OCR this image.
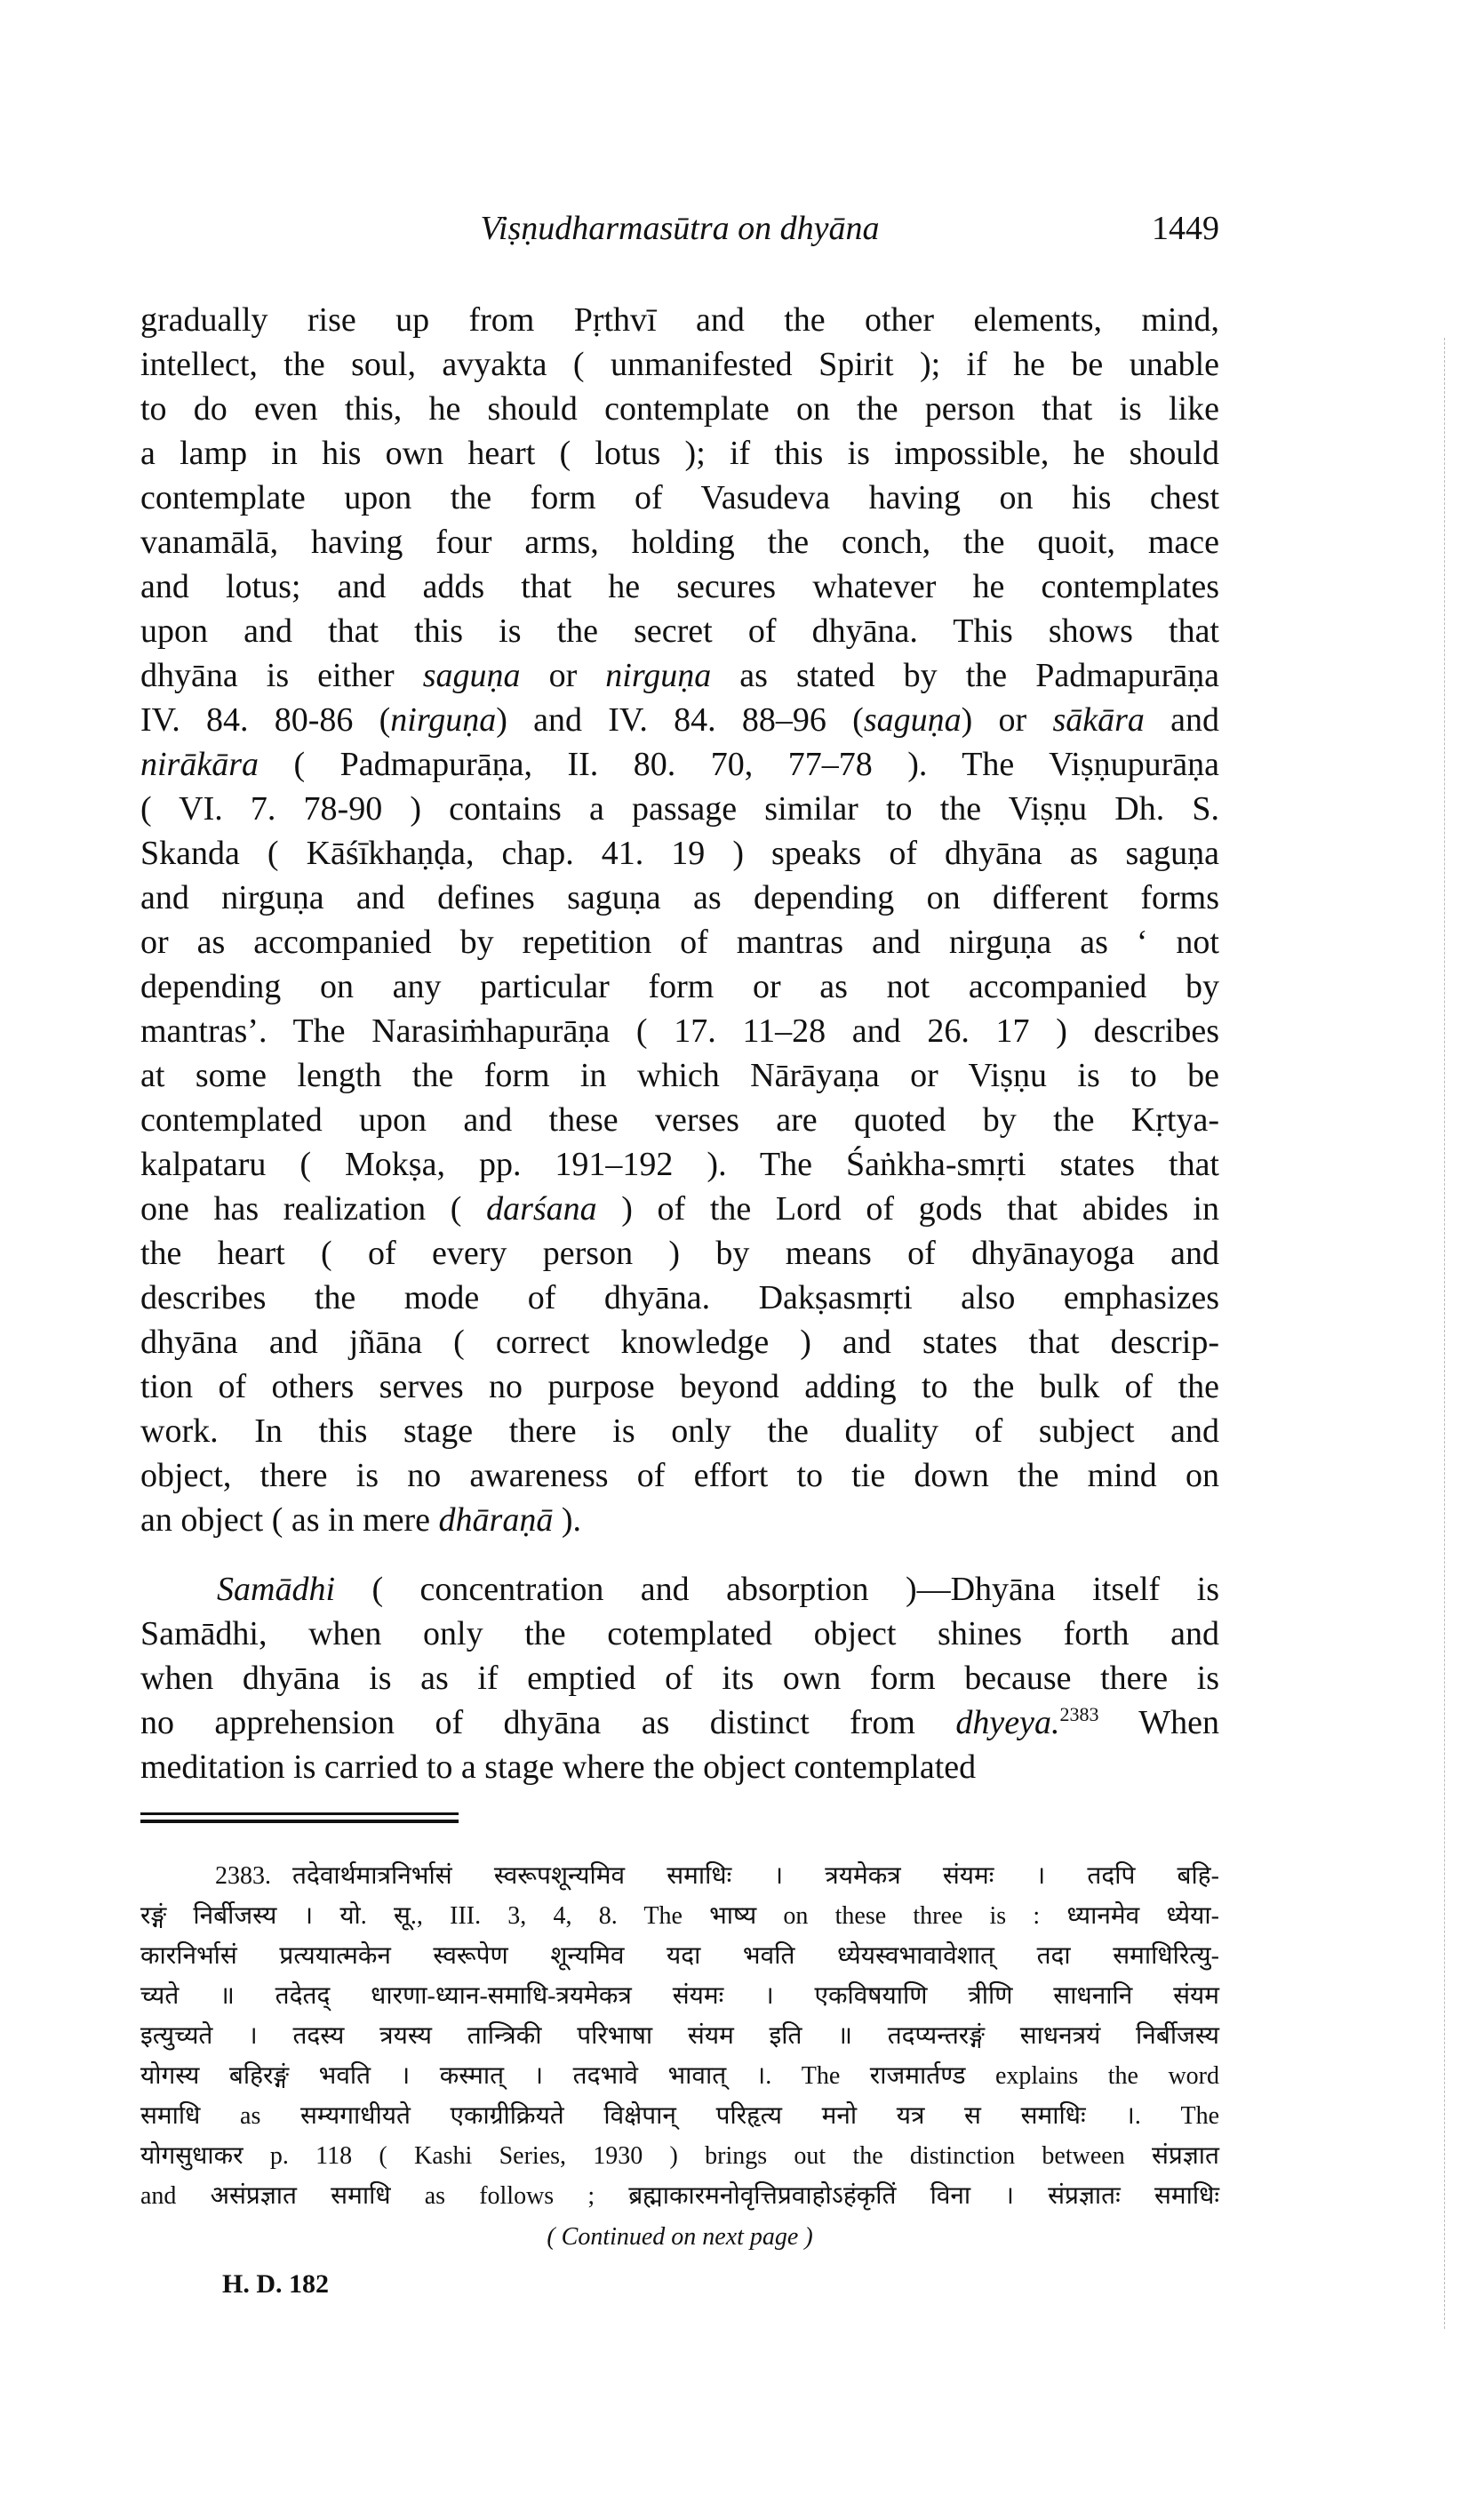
Viṣṇudharmasūtra on dhyāna	1449
gradually rise up from Pṛthvī and the other elements, mind,
intellect, the soul, avyakta ( unmanifested Spirit ); if he be unable
to do even this, he should contemplate on the person that is like
a lamp in his own heart ( lotus ); if this is impossible, he should
contemplate upon the form of Vasudeva having on his chest
vanamālā, having four arms, holding the conch, the quoit, mace
and lotus; and adds that he secures whatever he contemplates
upon and that this is the secret of dhyāna. This shows that
dhyāna is either saguṇa or nirguṇa as stated by the Padmapurāṇa
IV. 84. 80-86 (nirguṇa) and IV. 84. 88–96 (saguṇa) or sākāra and
nirākāra ( Padmapurāṇa, II. 80. 70, 77–78 ). The Viṣṇupurāṇa
( VI. 7. 78-90 ) contains a passage similar to the Viṣṇu Dh. S.
Skanda ( Kāśīkhaṇḍa, chap. 41. 19 ) speaks of dhyāna as saguṇa
and nirguṇa and defines saguṇa as depending on different forms
or as accompanied by repetition of mantras and nirguṇa as ‘ not
depending on any particular form or as not accompanied by
mantras’. The Narasiṁhapurāṇa ( 17. 11–28 and 26. 17 ) describes
at some length the form in which Nārāyaṇa or Viṣṇu is to be
contemplated upon and these verses are quoted by the Kṛtya-
kalpataru ( Mokṣa, pp. 191–192 ). The Śaṅkha-smṛti states that
one has realization ( darśana ) of the Lord of gods that abides in
the heart ( of every person ) by means of dhyānayoga and
describes the mode of dhyāna. Dakṣasmṛti also emphasizes
dhyāna and jñāna ( correct knowledge ) and states that descrip-
tion of others serves no purpose beyond adding to the bulk of the
work. In this stage there is only the duality of subject and
object, there is no awareness of effort to tie down the mind on
an object ( as in mere dhāraṇā ).
Samādhi ( concentration and absorption )—Dhyāna itself is
Samādhi, when only the cotemplated object shines forth and
when dhyāna is as if emptied of its own form because there is
no apprehension of dhyāna as distinct from dhyeya.$^{2383}$ When
meditation is carried to a stage where the object contemplated
2383. तदेवार्थमात्रनिर्भासं स्वरूपशून्यमिव समाधिः । त्रयमेकत्र संयमः । तदपि बहि-
रङ्गं निर्बीजस्य । यो. सू., III. 3, 4, 8. The भाष्य on these three is : ध्यानमेव ध्येया-
कारनिर्भासं प्रत्ययात्मकेन स्वरूपेण शून्यमिव यदा भवति ध्येयस्वभावावेशात् तदा समाधिरित्यु-
च्यते ॥ तदेतद् धारणा-ध्यान-समाधि-त्रयमेकत्र संयमः । एकविषयाणि त्रीणि साधनानि संयम
इत्युच्यते । तदस्य त्रयस्य तान्त्रिकी परिभाषा संयम इति ॥ तदप्यन्तरङ्गं साधनत्रयं निर्बीजस्य
योगस्य बहिरङ्गं भवति । कस्मात् । तदभावे भावात् ।. The राजमार्तण्ड explains the word
समाधि as सम्यगाधीयते एकाग्रीक्रियते विक्षेपान् परिहृत्य मनो यत्र स समाधिः ।. The
योगसुधाकर p. 118 ( Kashi Series, 1930 ) brings out the distinction between संप्रज्ञात
and असंप्रज्ञात समाधि as follows ; ब्रह्माकारमनोवृत्तिप्रवाहोऽहंकृतिं विना । संप्रज्ञातः समाधिः
( Continued on next page )
H. D. 182
